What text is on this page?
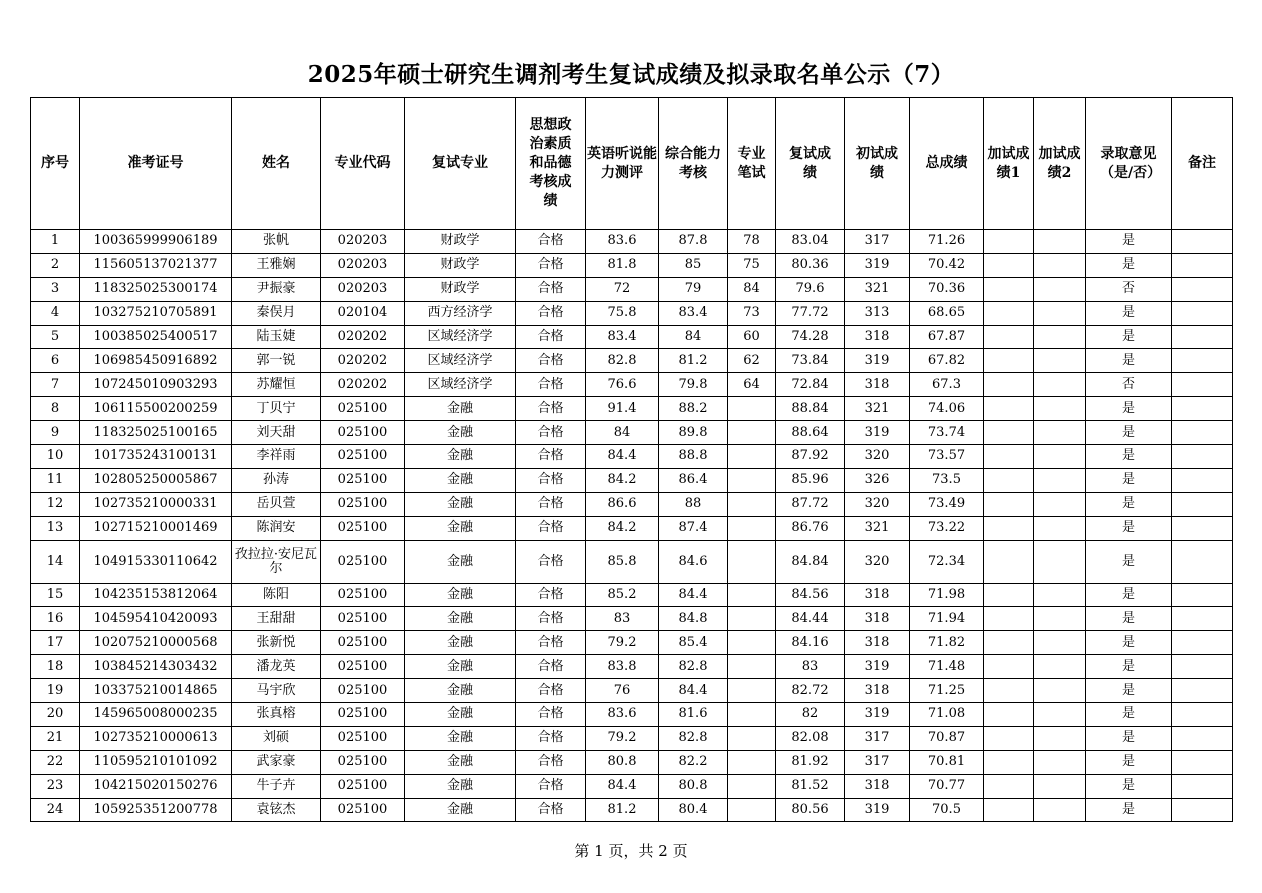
2025年硕士研究生调剂考生复试成绩及拟录取名单公示（7）
序号	准考证号	姓名	专业代码	复试专业	思想政治素质和品德考核成绩	英语听说能力测评	综合能力考核	专业笔试	复试成绩	初试成绩	总成绩	加试成绩1	加试成绩2	录取意见（是/否）	备注
1	100365999906189	张帆	020203	财政学	合格	83.6	87.8	78	83.04	317	71.26			是	
2	115605137021377	王雅娴	020203	财政学	合格	81.8	85	75	80.36	319	70.42			是	
3	118325025300174	尹振豪	020203	财政学	合格	72	79	84	79.6	321	70.36			否	
4	103275210705891	秦俣月	020104	西方经济学	合格	75.8	83.4	73	77.72	313	68.65			是	
5	100385025400517	陆玉婕	020202	区域经济学	合格	83.4	84	60	74.28	318	67.87			是	
6	106985450916892	郭一锐	020202	区域经济学	合格	82.8	81.2	62	73.84	319	67.82			是	
7	107245010903293	苏耀恒	020202	区域经济学	合格	76.6	79.8	64	72.84	318	67.3			否	
8	106115500200259	丁贝宁	025100	金融	合格	91.4	88.2		88.84	321	74.06			是	
9	118325025100165	刘天甜	025100	金融	合格	84	89.8		88.64	319	73.74			是	
10	101735243100131	李祥雨	025100	金融	合格	84.4	88.8		87.92	320	73.57			是	
11	102805250005867	孙涛	025100	金融	合格	84.2	86.4		85.96	326	73.5			是	
12	102735210000331	岳贝萱	025100	金融	合格	86.6	88		87.72	320	73.49			是	
13	102715210001469	陈润安	025100	金融	合格	84.2	87.4		86.76	321	73.22			是	
14	104915330110642	孜拉拉·安尼瓦尔	025100	金融	合格	85.8	84.6		84.84	320	72.34			是	
15	104235153812064	陈阳	025100	金融	合格	85.2	84.4		84.56	318	71.98			是	
16	104595410420093	王甜甜	025100	金融	合格	83	84.8		84.44	318	71.94			是	
17	102075210000568	张新悦	025100	金融	合格	79.2	85.4		84.16	318	71.82			是	
18	103845214303432	潘龙英	025100	金融	合格	83.8	82.8		83	319	71.48			是	
19	103375210014865	马宇欣	025100	金融	合格	76	84.4		82.72	318	71.25			是	
20	145965008000235	张真榕	025100	金融	合格	83.6	81.6		82	319	71.08			是	
21	102735210000613	刘硕	025100	金融	合格	79.2	82.8		82.08	317	70.87			是	
22	110595210101092	武家豪	025100	金融	合格	80.8	82.2		81.92	317	70.81			是	
23	104215020150276	牛子卉	025100	金融	合格	84.4	80.8		81.52	318	70.77			是	
24	105925351200778	袁铉杰	025100	金融	合格	81.2	80.4		80.56	319	70.5			是	
第 1 页，共 2 页
